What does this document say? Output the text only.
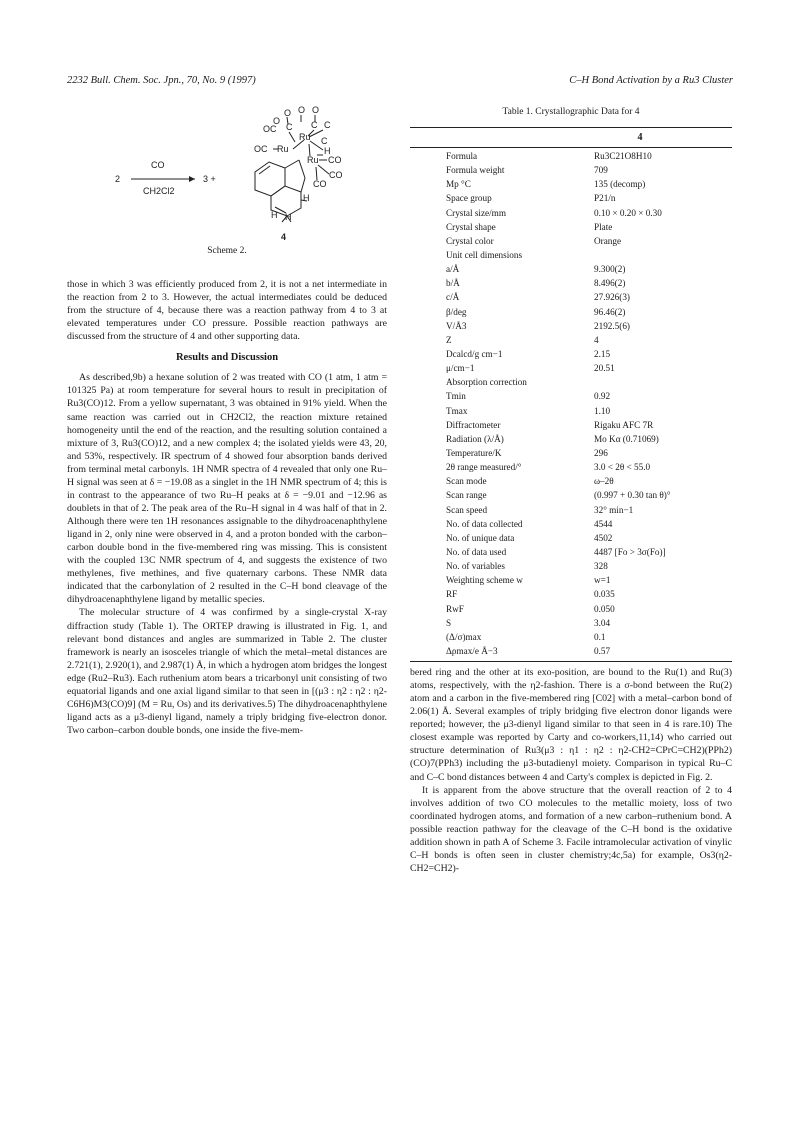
2232 Bull. Chem. Soc. Jpn., 70, No. 9 (1997)	C–H Bond Activation by a Ru3 Cluster
2
CO
CH2Cl2
3 +
O O O
O
OC C C C
Ru C
OC Ru	H
Ru CO
CO
CO
H
H H
4
Scheme 2.

those in which 3 was efficiently produced from 2, it is not a net intermediate in the reaction from 2 to 3. However, the actual intermediates could be deduced from the structure of 4, because there was a reaction pathway from 4 to 3 at elevated temperatures under CO pressure. Possible reaction pathways are discussed from the structure of 4 and other supporting data.

Results and Discussion

As described,9b) a hexane solution of 2 was treated with CO (1 atm, 1 atm = 101325 Pa) at room temperature for several hours to result in precipitation of Ru3(CO)12. From a yellow supernatant, 3 was obtained in 91% yield. When the same reaction was carried out in CH2Cl2, the reaction mixture retained homogeneity until the end of the reaction, and the resulting solution contained a mixture of 3, Ru3(CO)12, and a new complex 4; the isolated yields were 43, 20, and 53%, respectively. IR spectrum of 4 showed four absorption bands derived from terminal metal carbonyls. 1H NMR spectra of 4 revealed that only one Ru–H signal was seen at δ = −19.08 as a singlet in the 1H NMR spectrum of 4; this is in contrast to the appearance of two Ru–H peaks at δ = −9.01 and −12.96 as doublets in that of 2. The peak area of the Ru–H signal in 4 was half of that in 2. Although there were ten 1H resonances assignable to the dihydroacenaphthylene ligand in 2, only nine were observed in 4, and a proton bonded with the carbon–carbon double bond in the five-membered ring was missing. This is consistent with the coupled 13C NMR spectrum of 4, and suggests the existence of two methylenes, five methines, and five quaternary carbons. These NMR data indicated that the carbonylation of 2 resulted in the C–H bond cleavage of the dihydroacenaphthylene ligand by metallic species.

The molecular structure of 4 was confirmed by a single-crystal X-ray diffraction study (Table 1). The ORTEP drawing is illustrated in Fig. 1, and relevant bond distances and angles are summarized in Table 2. The cluster framework is nearly an isosceles triangle of which the metal–metal distances are 2.721(1), 2.920(1), and 2.987(1) Å, in which a hydrogen atom bridges the longest edge (Ru2–Ru3). Each ruthenium atom bears a tricarbonyl unit consisting of two equatorial ligands and one axial ligand similar to that seen in [(μ3 : η2 : η2 : η2-C6H6)M3(CO)9] (M = Ru, Os) and its derivatives.5) The dihydroacenaphthylene ligand acts as a μ3-dienyl ligand, namely a triply bridging five-electron donor. Two carbon–carbon double bonds, one inside the five-mem-

Table 1. Crystallographic Data for 4
4
Formula	Ru3C21O8H10
Formula weight	709
Mp °C	135 (decomp)
Space group	P21/n
Crystal size/mm	0.10 × 0.20 × 0.30
Crystal shape	Plate
Crystal color	Orange
Unit cell dimensions
a/Å	9.300(2)
b/Å	8.496(2)
c/Å	27.926(3)
β/deg	96.46(2)
V/Å3	2192.5(6)
Z	4
Dcalcd/g cm−1	2.15
μ/cm−1	20.51
Absorption correction
Tmin	0.92
Tmax	1.10
Diffractometer	Rigaku AFC 7R
Radiation (λ/Å)	Mo Kα (0.71069)
Temperature/K	296
2θ range measured/°	3.0 < 2θ < 55.0
Scan mode	ω–2θ
Scan range	(0.997 + 0.30 tan θ)°
Scan speed	32° min−1
No. of data collected	4544
No. of unique data	4502
No. of data used	4487 [Fo > 3σ(Fo)]
No. of variables	328
Weighting scheme w	w=1
RF	0.035
RwF	0.050
S	3.04
(Δ/σ)max	0.1
Δρmax/e Å−3	0.57

bered ring and the other at its exo-position, are bound to the Ru(1) and Ru(3) atoms, respectively, with the η2-fashion. There is a σ-bond between the Ru(2) atom and a carbon in the five-membered ring [C02] with a metal–carbon bond of 2.06(1) Å. Several examples of triply bridging five electron donor ligands were reported; however, the μ3-dienyl ligand similar to that seen in 4 is rare.10) The closest example was reported by Carty and co-workers,11,14) who carried out structure determination of Ru3(μ3 : η1 : η2 : η2-CH2=CPrC=CH2)(PPh2)(CO)7(PPh3) including the μ3-butadienyl moiety. Comparison in typical Ru–C and C–C bond distances between 4 and Carty's complex is depicted in Fig. 2.

It is apparent from the above structure that the overall reaction of 2 to 4 involves addition of two CO molecules to the metallic moiety, loss of two coordinated hydrogen atoms, and formation of a new carbon–ruthenium bond. A possible reaction pathway for the cleavage of the C–H bond is the oxidative addition shown in path A of Scheme 3. Facile intramolecular activation of vinylic C–H bonds is often seen in cluster chemistry;4c,5a) for example, Os3(η2-CH2=CH2)-
